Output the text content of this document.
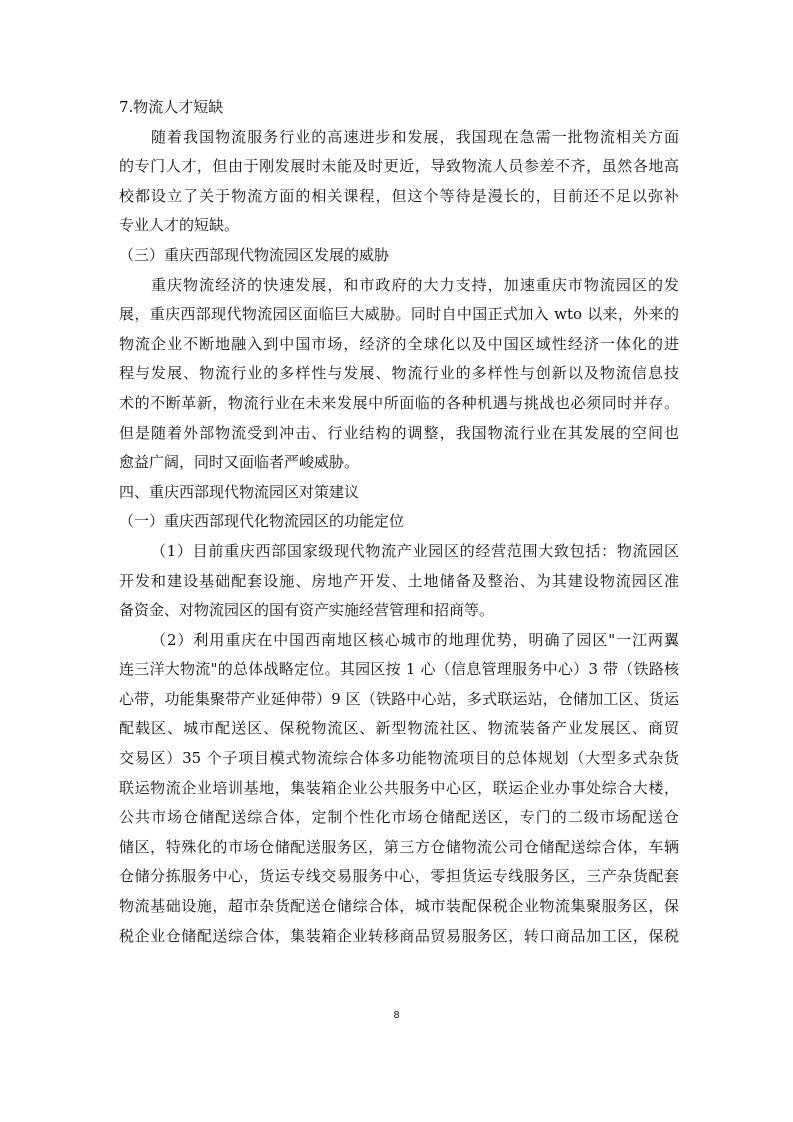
7.物流人才短缺
随着我国物流服务行业的高速进步和发展，我国现在急需一批物流相关方面
的专门人才，但由于刚发展时未能及时更近，导致物流人员参差不齐，虽然各地高
校都设立了关于物流方面的相关课程，但这个等待是漫长的，目前还不足以弥补
专业人才的短缺。
（三）重庆西部现代物流园区发展的威胁
重庆物流经济的快速发展，和市政府的大力支持，加速重庆市物流园区的发
展，重庆西部现代物流园区面临巨大威胁。同时自中国正式加入 wto 以来，外来的
物流企业不断地融入到中国市场，经济的全球化以及中国区域性经济一体化的进
程与发展、物流行业的多样性与发展、物流行业的多样性与创新以及物流信息技
术的不断革新，物流行业在未来发展中所面临的各种机遇与挑战也必须同时并存。
但是随着外部物流受到冲击、行业结构的调整，我国物流行业在其发展的空间也
愈益广阔，同时又面临者严峻威胁。
四、重庆西部现代物流园区对策建议
（一）重庆西部现代化物流园区的功能定位
（1）目前重庆西部国家级现代物流产业园区的经营范围大致包括：物流园区
开发和建设基础配套设施、房地产开发、土地储备及整治、为其建设物流园区准
备资金、对物流园区的国有资产实施经营管理和招商等。
（2）利用重庆在中国西南地区核心城市的地理优势，明确了园区"一江两翼
连三洋大物流"的总体战略定位。其园区按 1 心（信息管理服务中心）3 带（铁路核
心带，功能集聚带产业延伸带）9 区（铁路中心站，多式联运站，仓储加工区、货运
配载区、城市配送区、保税物流区、新型物流社区、物流装备产业发展区、商贸
交易区）35 个子项目模式物流综合体多功能物流项目的总体规划（大型多式杂货
联运物流企业培训基地，集装箱企业公共服务中心区，联运企业办事处综合大楼，
公共市场仓储配送综合体，定制个性化市场仓储配送区，专门的二级市场配送仓
储区，特殊化的市场仓储配送服务区，第三方仓储物流公司仓储配送综合体，车辆
仓储分拣服务中心，货运专线交易服务中心，零担货运专线服务区，三产杂货配套
物流基础设施，超市杂货配送仓储综合体，城市装配保税企业物流集聚服务区，保
税企业仓储配送综合体，集装箱企业转移商品贸易服务区，转口商品加工区，保税
8
